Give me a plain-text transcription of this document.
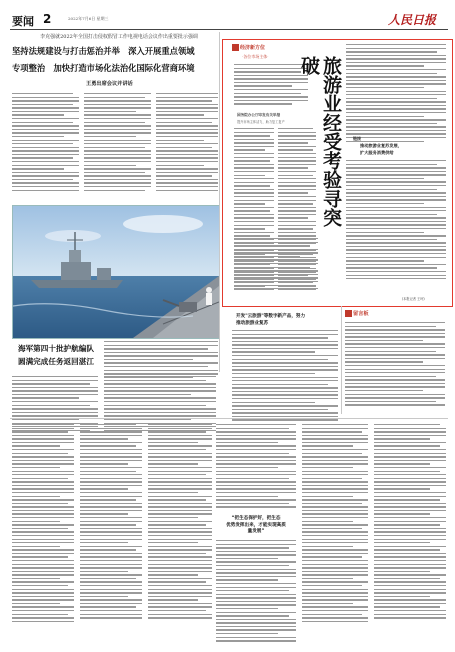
要闻 2	2022年7月6日 星期三	人民日报
李克强就2022年全国打击侵权假冒工作电视电话会议作出重要批示强调
坚持法规建设与打击惩治并举　深入开展重点领域
专项整治　加快打造市场化法治化国际化营商环境
王勇出席会议并讲话
海军第四十批护航编队
圆满完成任务返回湛江
经济新方位
·各位市场主体·
国务院办公厅印发有关举措
提升市场主体活力，助力复工复产	旅游业经受考验寻突破
链接
推动旅游业复苏发展，
扩大服务消费供给
(本报记者 王珂)
开发"云旅游"等数字新产品，努力
推动旅游业复苏
留言板
“把生态保护好，把生态
优势发挥出来，才能实现高质
量发展”
